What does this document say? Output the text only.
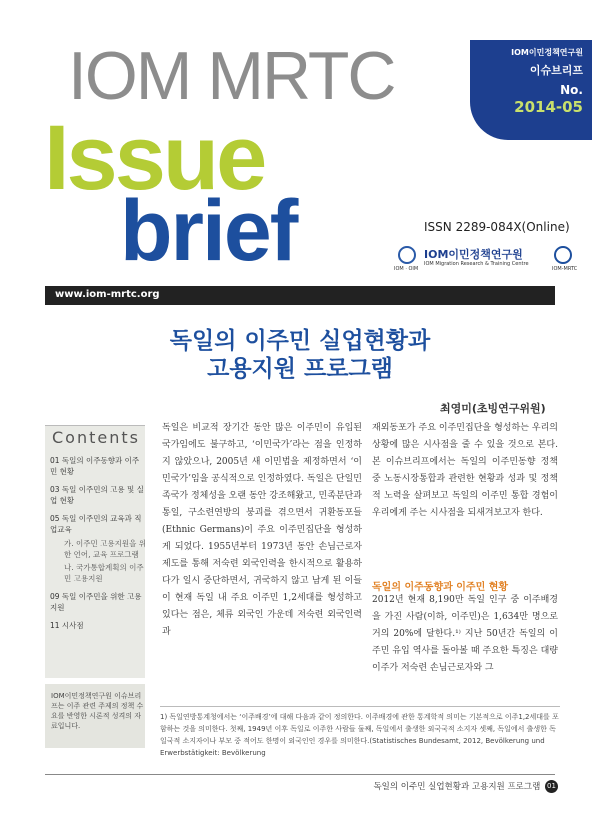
IOM이민정책연구원
이슈브리프
No.
2014-05
IOM MRTC
Issue
brief	ISSN 2289-084X(Online)
IOM이민정책연구원
IOM Migration Research & Training Centre
IOM · OIM	IOM-MRTC
www.iom-mrtc.org
독일의 이주민 실업현황과
고용지원 프로그램
최영미(초빙연구위원)
Contents
01 독일의 이주동향과 이주민 현황
03 독일 이주민의 고용 및 실업 현황
05 독일 이주민의 교육과 직업교육
가. 이주민 고용지원을 위한 언어, 교육 프로그램
나. 국가통합계획의 이주민 고용지원
09 독일 이주민을 위한 고용지원
11 시사점
IOM이민정책연구원 이슈브리프는 이주 관련 주제의 정책 수요를 반영한 시론적 성격의 자료입니다.
독일은 비교적 장기간 동안 많은 이주민이 유입된 국가임에도 불구하고, ‘이민국가’라는 점을 인정하지 않았으나, 2005년 새 이민법을 제정하면서 ‘이민국가’임을 공식적으로 인정하였다. 독일은 단일민족국가 정체성을 오랜 동안 강조해왔고, 민족분단과 통일, 구소련연방의 붕괴를 겪으면서 귀환동포들(Ethnic Germans)이 주요 이주민집단을 형성하게 되었다. 1955년부터 1973년 동안 손님근로자제도를 통해 저숙련 외국인력을 한시적으로 활용하다가 일시 중단하면서, 귀국하지 않고 남게 된 이들이 현재 독일 내 주요 이주민 1,2세대를 형성하고 있다는 점은, 체류 외국인 가운데 저숙련 외국인력과
재외동포가 주요 이주민집단을 형성하는 우리의 상황에 많은 시사점을 줄 수 있을 것으로 본다. 본 이슈브리프에서는 독일의 이주민동향 정책 중 노동시장통합과 관련한 현황과 성과 및 정책적 노력을 살펴보고 독일의 이주민 통합 경험이 우리에게 주는 시사점을 되새겨보고자 한다.
독일의 이주동향과 이주민 현황
2012년 현재 8,190만 독일 인구 중 이주배경을 가진 사람(이하, 이주민)은 1,634만 명으로 거의 20%에 달한다.¹⁾ 지난 50년간 독일의 이주민 유입 역사를 돌아볼 때 주요한 특징은 대량 이주가 저숙련 손님근로자와 그
1) 독일연방통계청에서는 ‘이주배경’에 대해 다음과 같이 정의한다. 이주배경에 관한 통계학적 의미는 기본적으로 이주1,2세대를 포함하는 것을 의미한다. 첫째, 1949년 이후 독일로 이주한 사람들 둘째, 독일에서 출생한 외국국적 소지자 셋째, 독일에서 출생한 독일국적 소지자이나 부모 중 적어도 한명이 외국인인 경우를 의미한다.(Statistisches Bundesamt, 2012, Bevölkerung und Erwerbstätigkeit: Bevölkerung
독일의 이주민 실업현황과 고용지원 프로그램 01
